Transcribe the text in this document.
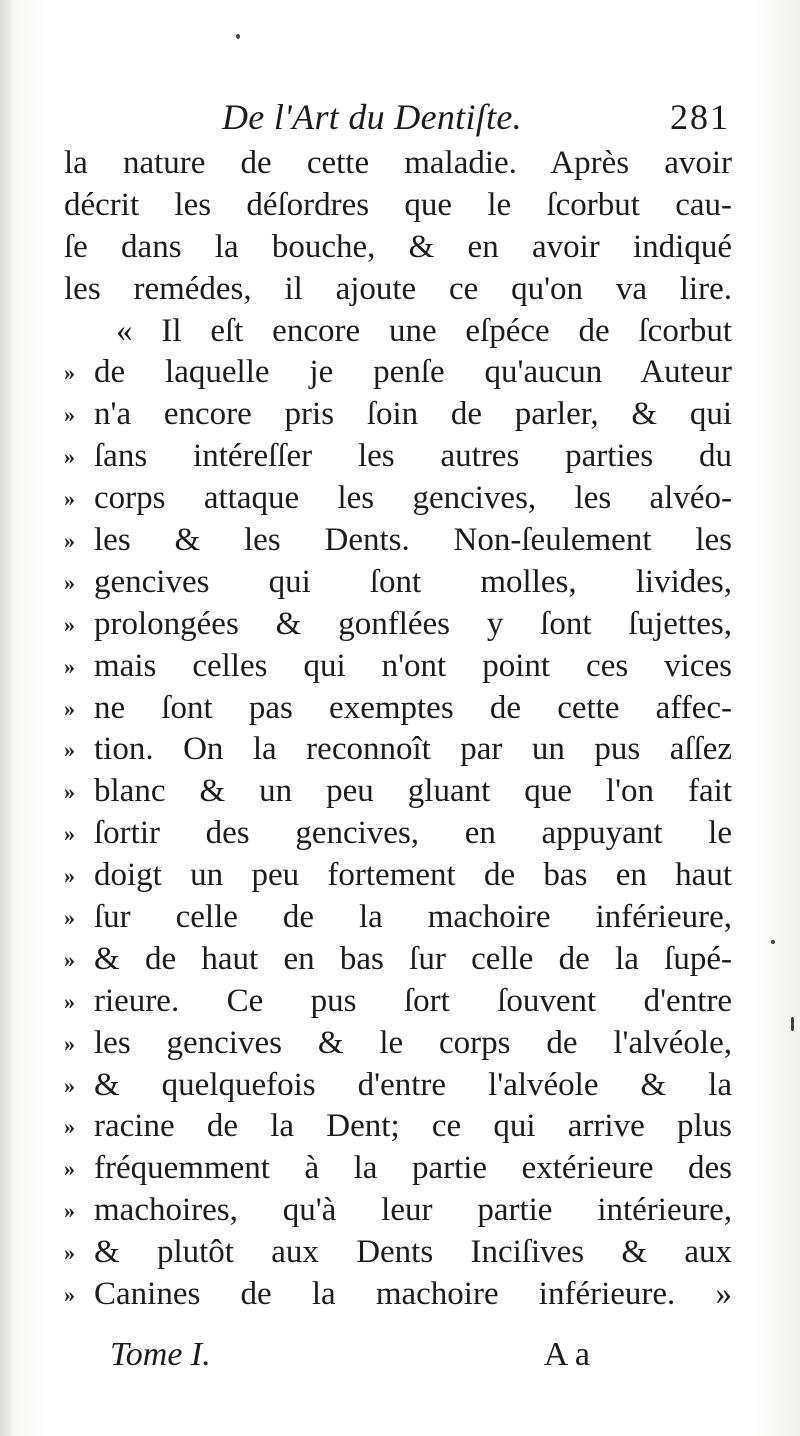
De l'Art du Dentiſte.	281
la nature de cette maladie. Après avoir
décrit les déſordres que le ſcorbut cau-
ſe dans la bouche, & en avoir indiqué
les remédes, il ajoute ce qu'on va lire.
« Il eſt encore une eſpéce de ſcorbut
» de laquelle je penſe qu'aucun Auteur
» n'a encore pris ſoin de parler, & qui
» ſans intéreſſer les autres parties du
» corps attaque les gencives, les alvéo-
» les & les Dents. Non-ſeulement les
» gencives qui ſont molles, livides,
» prolongées & gonflées y ſont ſujettes,
» mais celles qui n'ont point ces vices
» ne ſont pas exemptes de cette affec-
» tion. On la reconnoît par un pus aſſez
» blanc & un peu gluant que l'on fait
» ſortir des gencives, en appuyant le
» doigt un peu fortement de bas en haut
» ſur celle de la machoire inférieure,
» & de haut en bas ſur celle de la ſupé-
» rieure. Ce pus ſort ſouvent d'entre
» les gencives & le corps de l'alvéole,
» & quelquefois d'entre l'alvéole & la
» racine de la Dent; ce qui arrive plus
» fréquemment à la partie extérieure des
» machoires, qu'à leur partie intérieure,
» & plutôt aux Dents Inciſives & aux
» Canines de la machoire inférieure. »
Tome I.	A a
